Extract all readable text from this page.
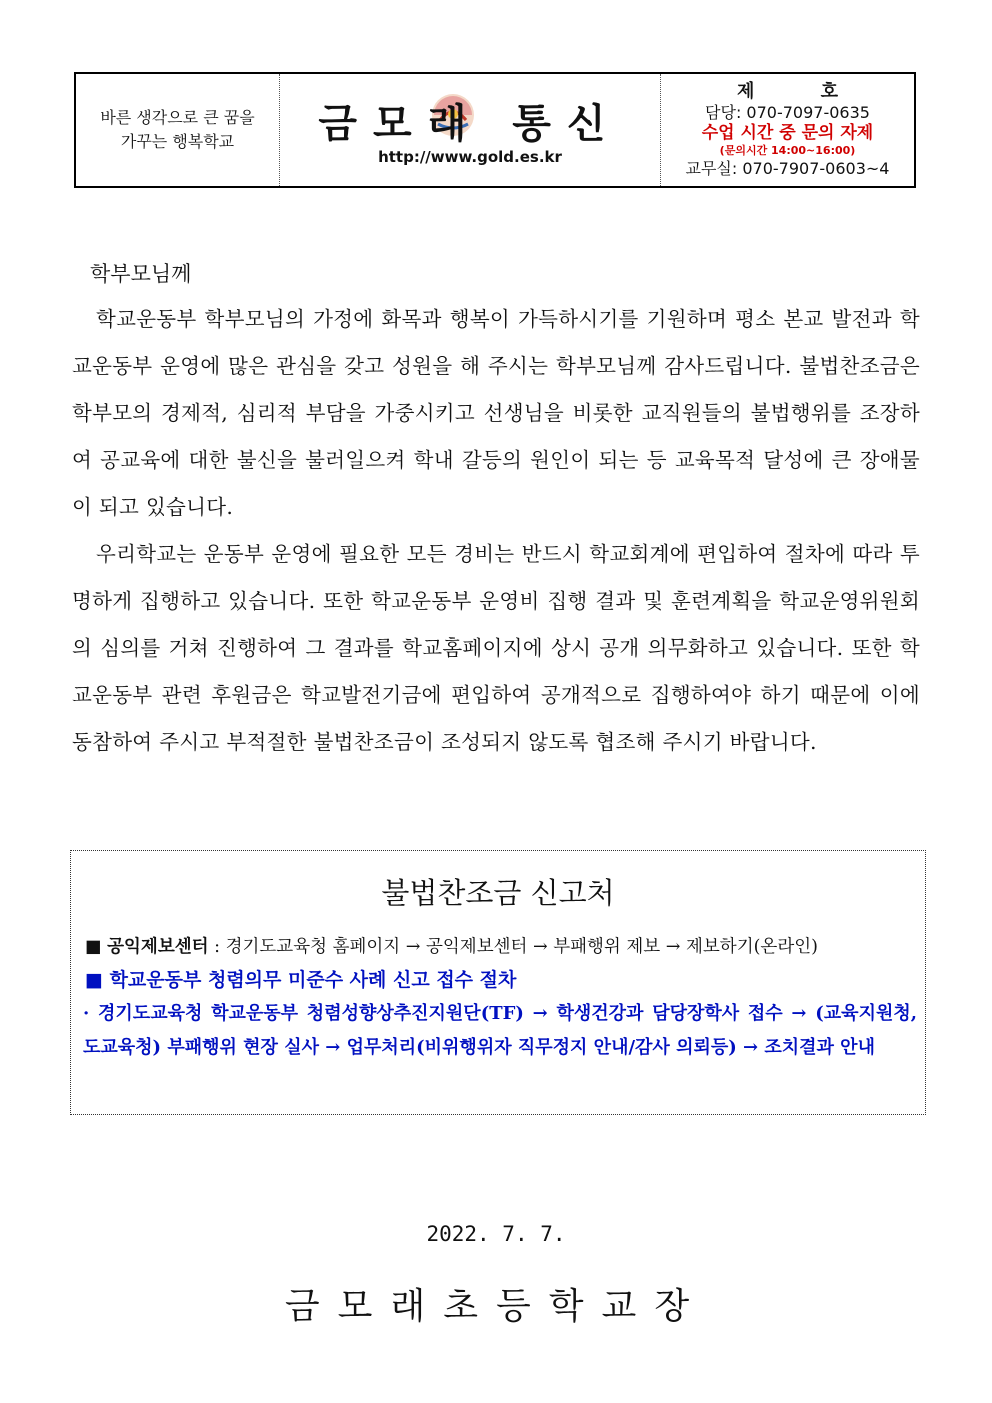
바른 생각으로 큰 꿈을
가꾸는 행복학교	금모래 통신
http://www.gold.es.kr
제 호
담당: 070-7097-0635
수업 시간 중 문의 자제
(문의시간 14:00~16:00)
교무실: 070-7907-0603~4
학부모님께

학교운동부 학부모님의 가정에 화목과 행복이 가득하시기를 기원하며 평소 본교 발전과 학교운동부 운영에 많은 관심을 갖고 성원을 해 주시는 학부모님께 감사드립니다. 불법찬조금은 학부모의 경제적, 심리적 부담을 가중시키고 선생님을 비롯한 교직원들의 불법행위를 조장하여 공교육에 대한 불신을 불러일으켜 학내 갈등의 원인이 되는 등 교육목적 달성에 큰 장애물이 되고 있습니다.

우리학교는 운동부 운영에 필요한 모든 경비는 반드시 학교회계에 편입하여 절차에 따라 투명하게 집행하고 있습니다. 또한 학교운동부 운영비 집행 결과 및 훈련계획을 학교운영위원회의 심의를 거쳐 진행하여 그 결과를 학교홈페이지에 상시 공개 의무화하고 있습니다. 또한 학교운동부 관련 후원금은 학교발전기금에 편입하여 공개적으로 집행하여야 하기 때문에 이에 동참하여 주시고 부적절한 불법찬조금이 조성되지 않도록 협조해 주시기 바랍니다.

불법찬조금 신고처
■ 공익제보센터 : 경기도교육청 홈페이지 → 공익제보센터 → 부패행위 제보 → 제보하기(온라인)
■ 학교운동부 청렴의무 미준수 사례 신고 접수 절차
· 경기도교육청 학교운동부 청렴성향상추진지원단(TF) → 학생건강과 담당장학사 접수 → (교육지원청, 도교육청) 부패행위 현장 실사 → 업무처리(비위행위자 직무정지 안내/감사 의뢰등) → 조치결과 안내
2022. 7. 7.
금모래초등학교장
